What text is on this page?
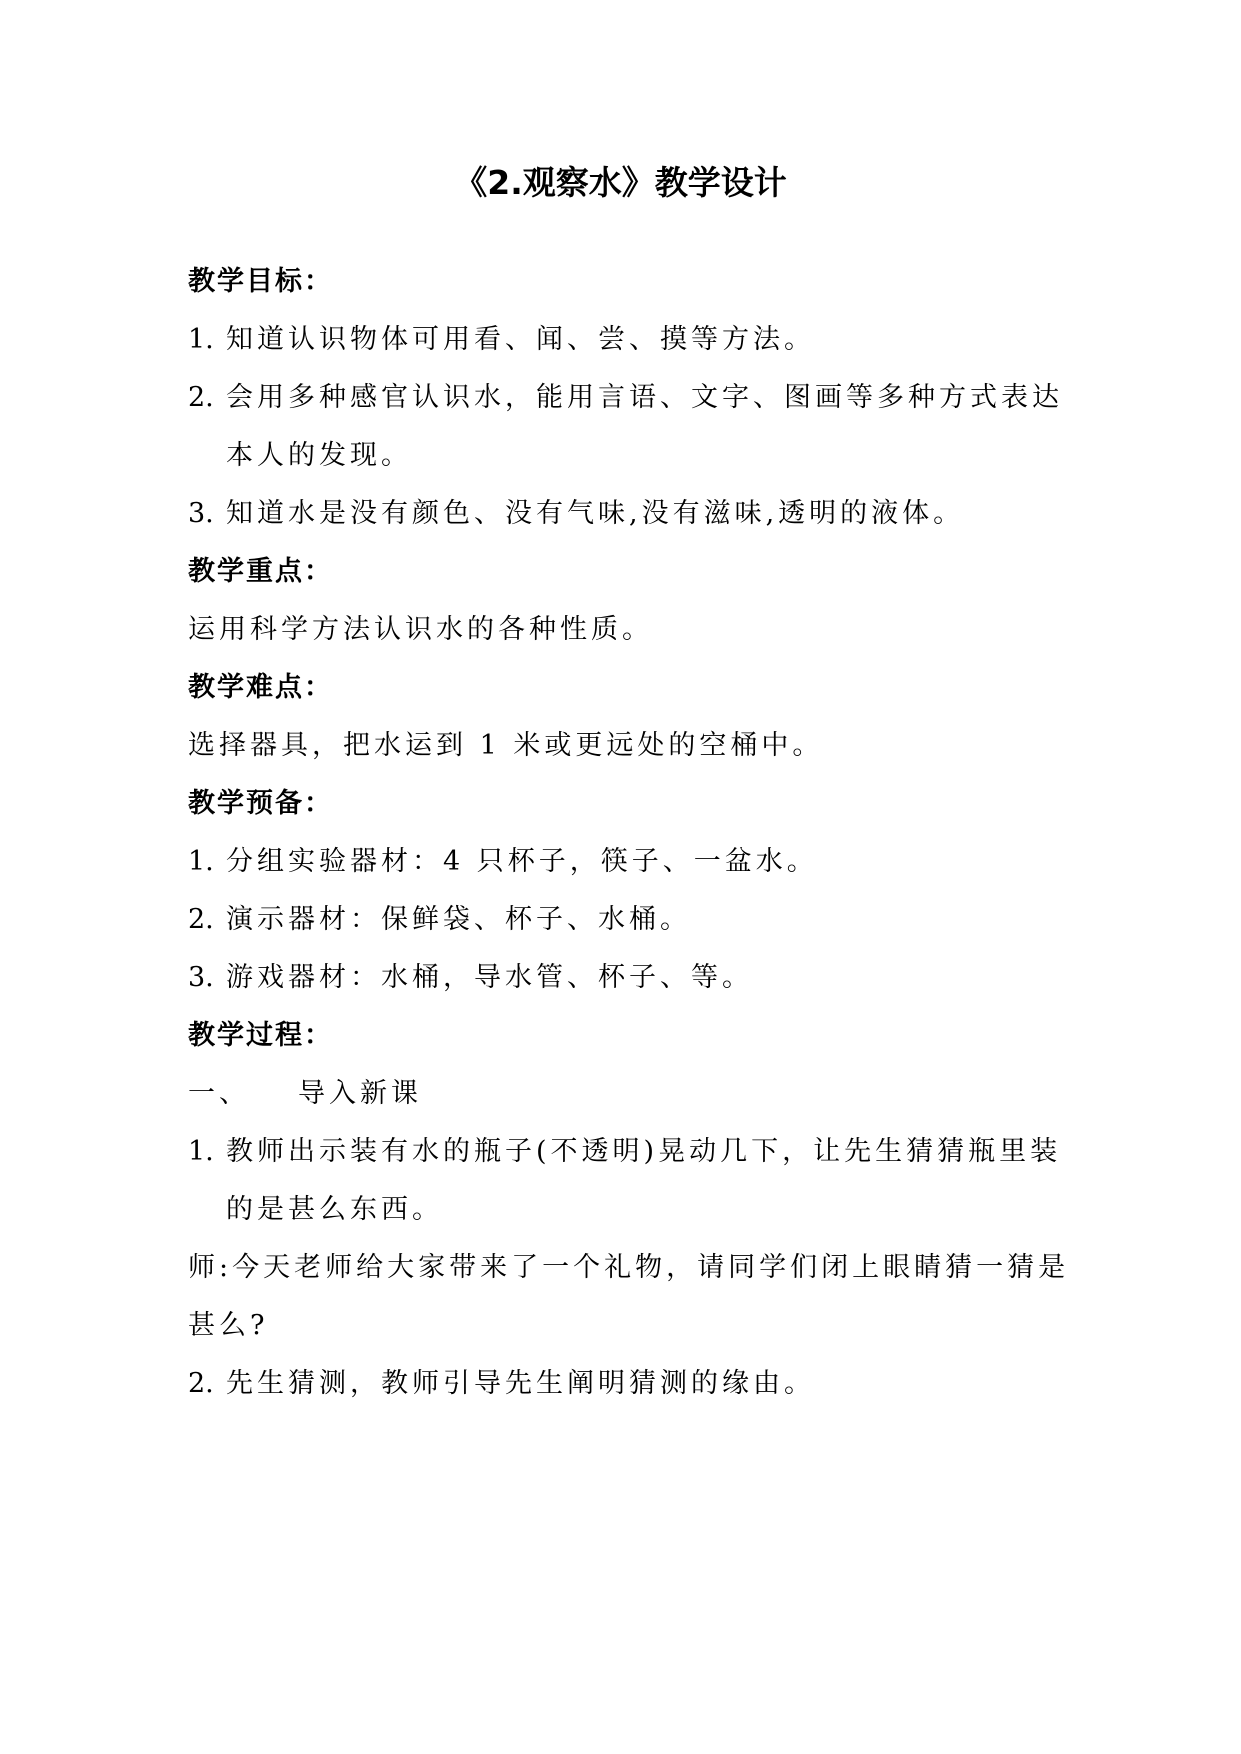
《2.观察水》教学设计
教学目标：
1. 知道认识物体可用看、闻、尝、摸等方法。
2. 会用多种感官认识水，能用言语、文字、图画等多种方式表达
本人的发现。
3. 知道水是没有颜色、没有气味,没有滋味,透明的液体。
教学重点：
运用科学方法认识水的各种性质。
教学难点：
选择器具，把水运到 1 米或更远处的空桶中。
教学预备：
1. 分组实验器材：4 只杯子，筷子、一盆水。
2. 演示器材：保鲜袋、杯子、水桶。
3. 游戏器材：水桶，导水管、杯子、等。
教学过程：
一、 导入新课
1. 教师出示装有水的瓶子(不透明)晃动几下，让先生猜猜瓶里装
的是甚么东西。
师:今天老师给大家带来了一个礼物，请同学们闭上眼睛猜一猜是
甚么?
2. 先生猜测，教师引导先生阐明猜测的缘由。
